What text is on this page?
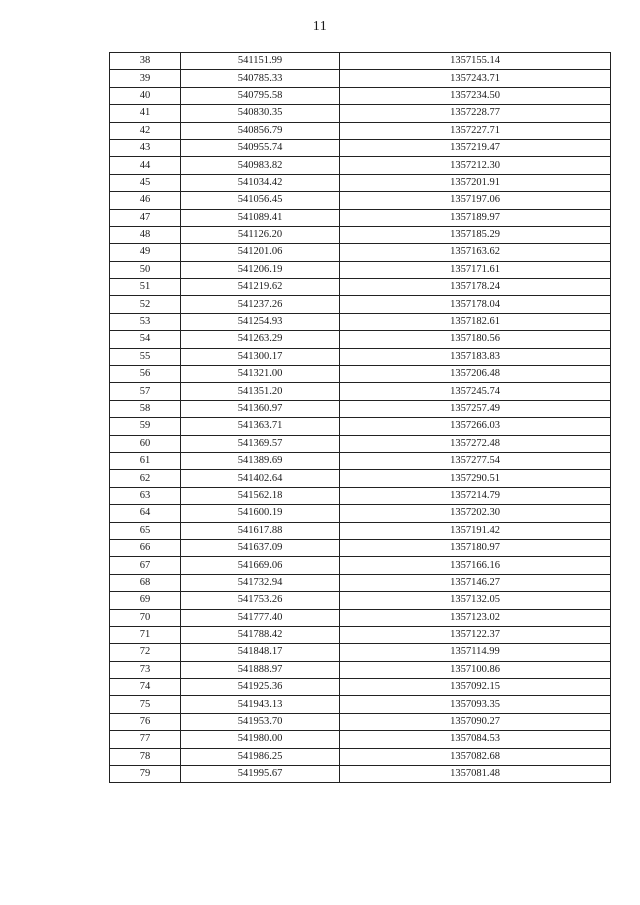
11
38	541151.99	1357155.14
39	540785.33	1357243.71
40	540795.58	1357234.50
41	540830.35	1357228.77
42	540856.79	1357227.71
43	540955.74	1357219.47
44	540983.82	1357212.30
45	541034.42	1357201.91
46	541056.45	1357197.06
47	541089.41	1357189.97
48	541126.20	1357185.29
49	541201.06	1357163.62
50	541206.19	1357171.61
51	541219.62	1357178.24
52	541237.26	1357178.04
53	541254.93	1357182.61
54	541263.29	1357180.56
55	541300.17	1357183.83
56	541321.00	1357206.48
57	541351.20	1357245.74
58	541360.97	1357257.49
59	541363.71	1357266.03
60	541369.57	1357272.48
61	541389.69	1357277.54
62	541402.64	1357290.51
63	541562.18	1357214.79
64	541600.19	1357202.30
65	541617.88	1357191.42
66	541637.09	1357180.97
67	541669.06	1357166.16
68	541732.94	1357146.27
69	541753.26	1357132.05
70	541777.40	1357123.02
71	541788.42	1357122.37
72	541848.17	1357114.99
73	541888.97	1357100.86
74	541925.36	1357092.15
75	541943.13	1357093.35
76	541953.70	1357090.27
77	541980.00	1357084.53
78	541986.25	1357082.68
79	541995.67	1357081.48
